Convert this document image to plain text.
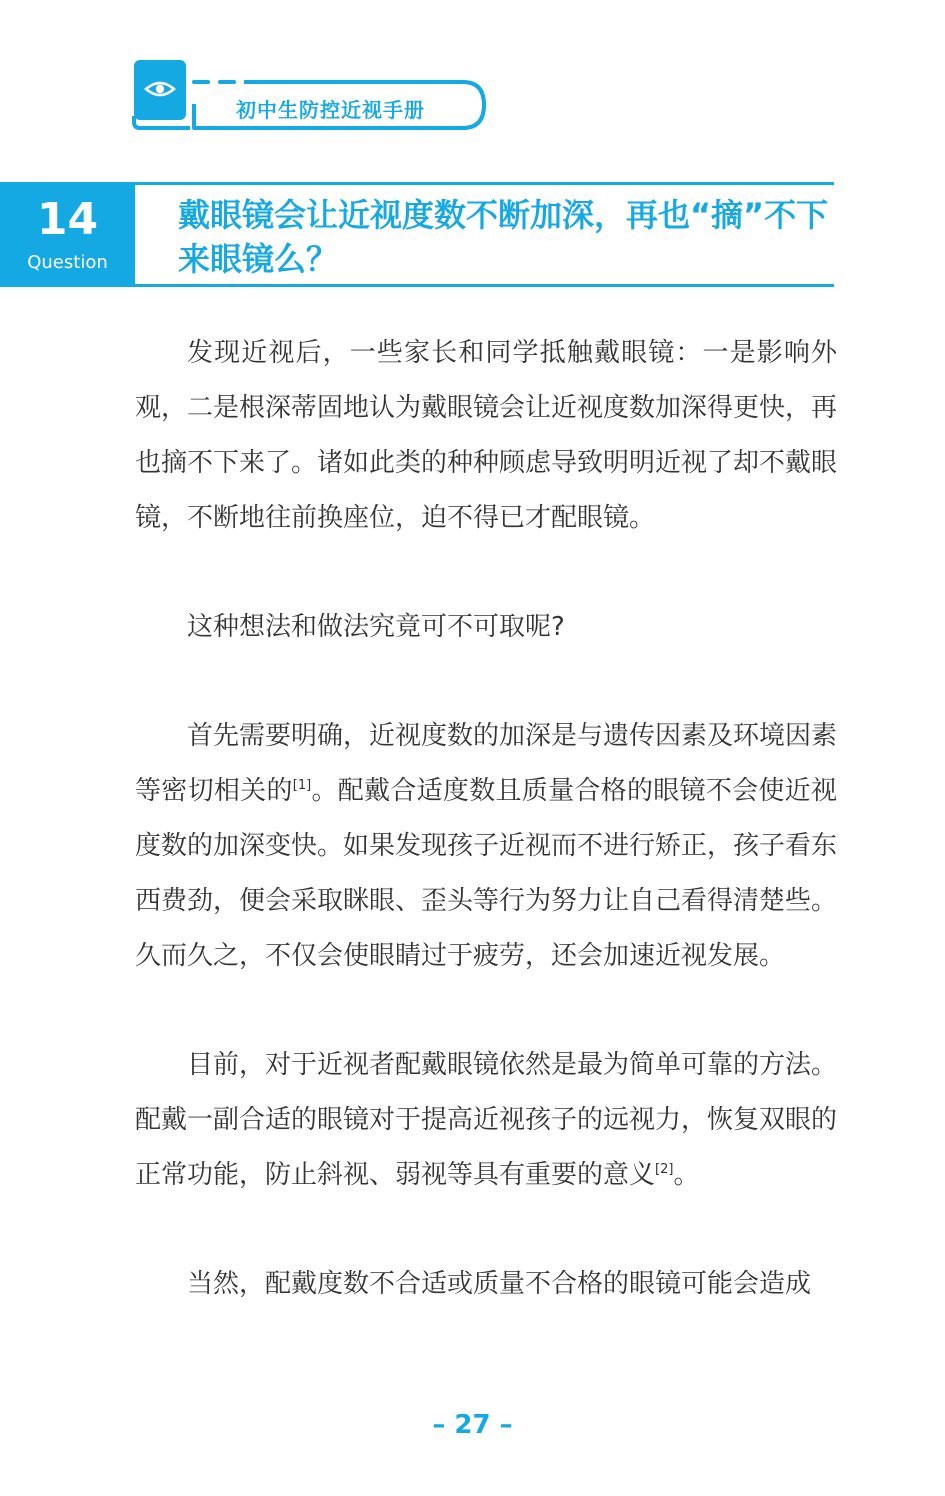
初中生防控近视手册
14
Question
戴眼镜会让近视度数不断加深，再也“摘”不下来眼镜么？

发现近视后，一些家长和同学抵触戴眼镜：一是影响外观，二是根深蒂固地认为戴眼镜会让近视度数加深得更快，再也摘不下来了。诸如此类的种种顾虑导致明明近视了却不戴眼镜，不断地往前换座位，迫不得已才配眼镜。

这种想法和做法究竟可不可取呢?

首先需要明确，近视度数的加深是与遗传因素及环境因素等密切相关的[1]。配戴合适度数且质量合格的眼镜不会使近视度数的加深变快。如果发现孩子近视而不进行矫正，孩子看东西费劲，便会采取眯眼、歪头等行为努力让自己看得清楚些。久而久之，不仅会使眼睛过于疲劳，还会加速近视发展。

目前，对于近视者配戴眼镜依然是最为简单可靠的方法。配戴一副合适的眼镜对于提高近视孩子的远视力，恢复双眼的正常功能，防止斜视、弱视等具有重要的意义[2]。

当然，配戴度数不合适或质量不合格的眼镜可能会造成

– 27 –
